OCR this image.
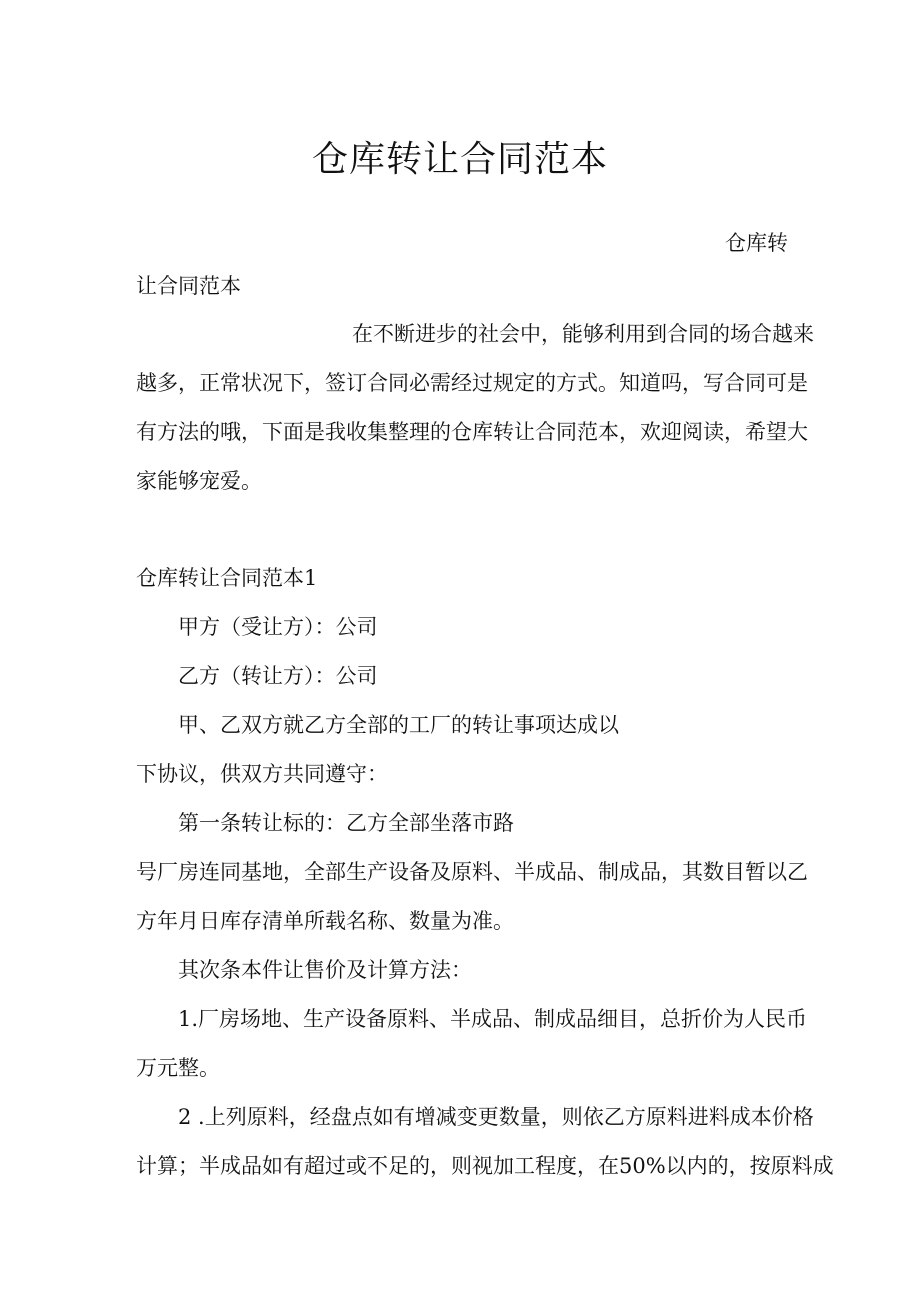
仓库转让合同范本
仓库转
让合同范本
在不断进步的社会中，能够利用到合同的场合越来
越多，正常状况下，签订合同必需经过规定的方式。知道吗，写合同可是
有方法的哦，下面是我收集整理的仓库转让合同范本，欢迎阅读，希望大
家能够宠爱。
仓库转让合同范本1
甲方（受让方）：公司
乙方（转让方）：公司
甲、乙双方就乙方全部的工厂的转让事项达成以
下协议，供双方共同遵守：
第一条转让标的：乙方全部坐落市路
号厂房连同基地，全部生产设备及原料、半成品、制成品，其数目暂以乙
方年月日库存清单所载名称、数量为准。
其次条本件让售价及计算方法：
1.厂房场地、生产设备原料、半成品、制成品细目，总折价为人民币
万元整。
2 .上列原料，经盘点如有增减变更数量，则依乙方原料进料成本价格
计算；半成品如有超过或不足的，则视加工程度，在50%以内的，按原料成
